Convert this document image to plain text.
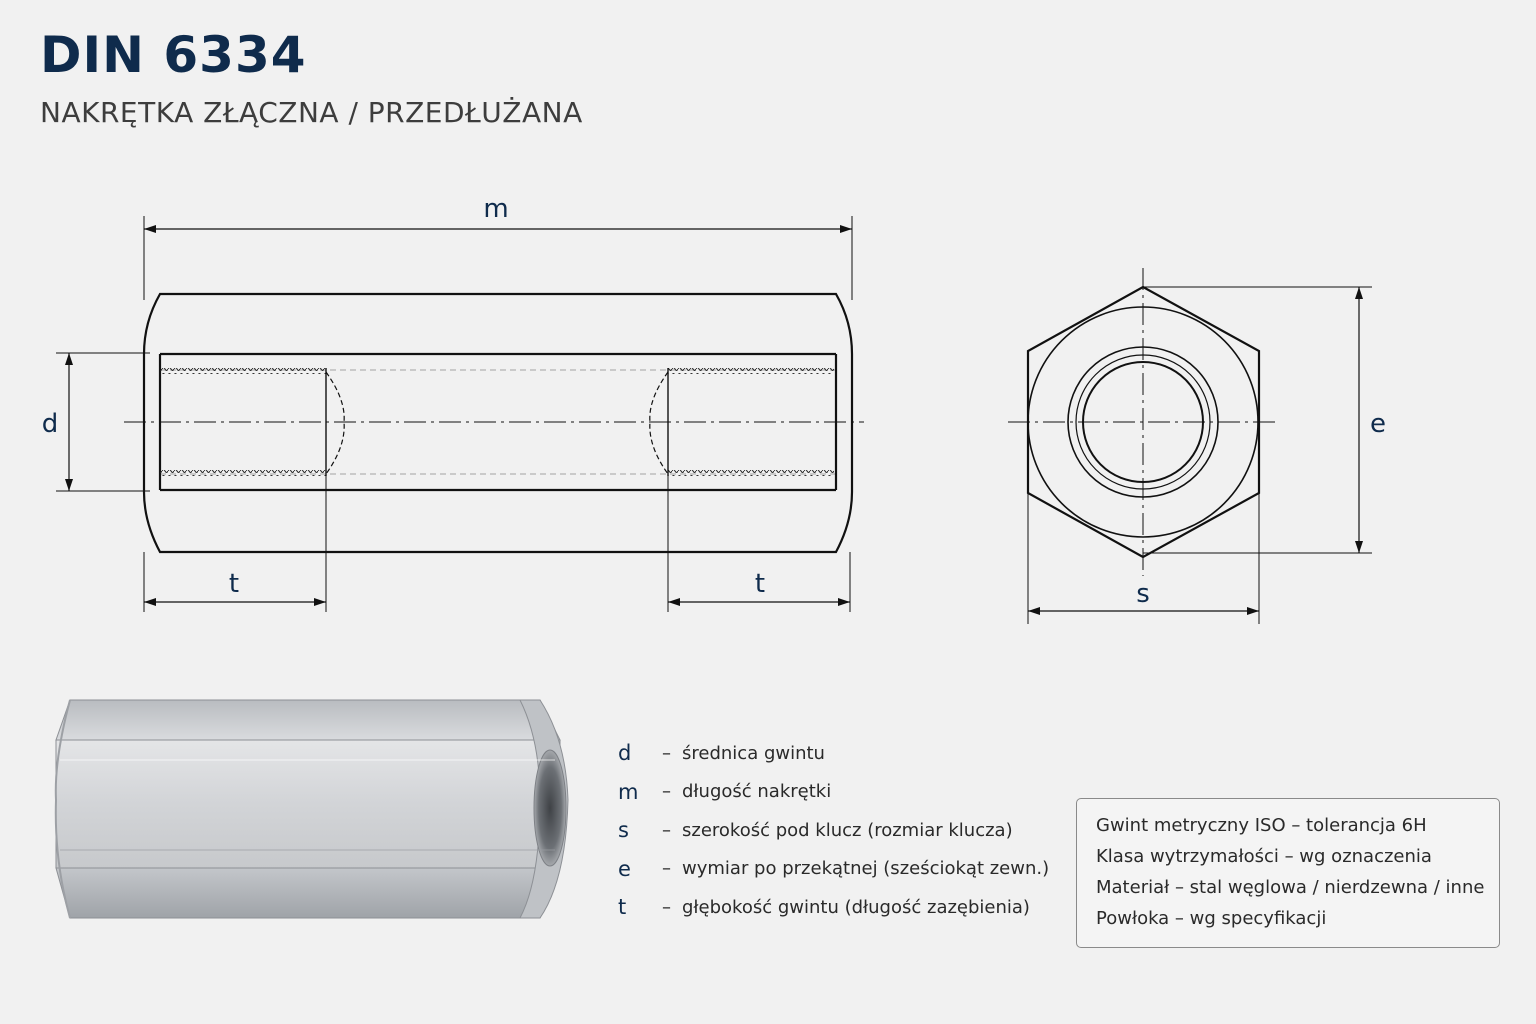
DIN 6334
NAKRĘTKA ZŁĄCZNA / PRZEDŁUŻANA
m
d
t	t
e
s
d	– średnica gwintu
m	– długość nakrętki
s	– szerokość pod klucz (rozmiar klucza)
e	– wymiar po przekątnej (sześciokąt zewn.)
t	– głębokość gwintu (długość zazębienia)
Gwint metryczny ISO – tolerancja 6H
Klasa wytrzymałości – wg oznaczenia
Materiał – stal węglowa / nierdzewna / inne
Powłoka – wg specyfikacji
